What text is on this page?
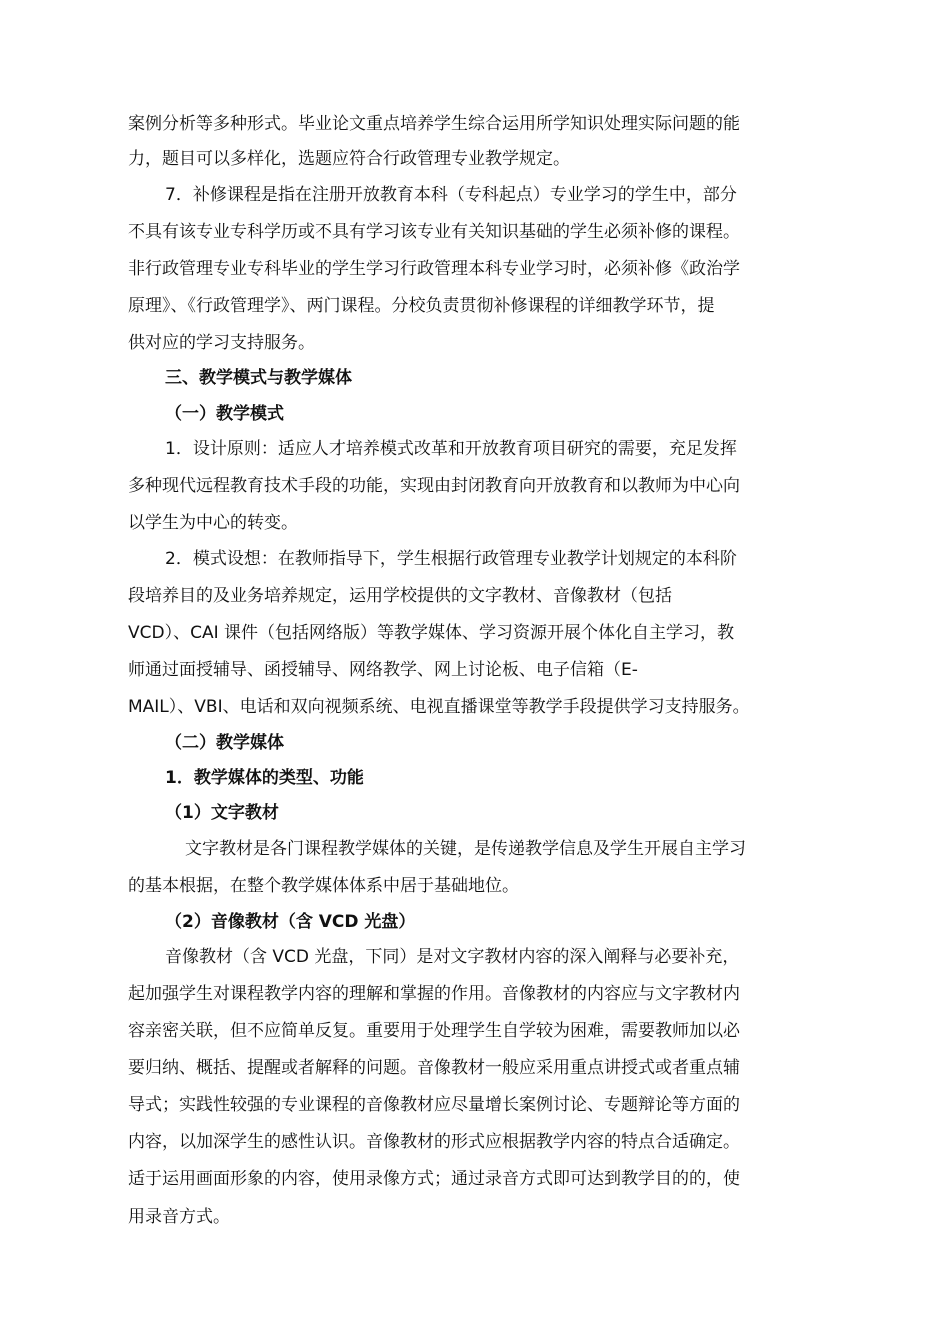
案例分析等多种形式。毕业论文重点培养学生综合运用所学知识处理实际问题的能
力，题目可以多样化，选题应符合行政管理专业教学规定。
7．补修课程是指在注册开放教育本科（专科起点）专业学习的学生中，部分
不具有该专业专科学历或不具有学习该专业有关知识基础的学生必须补修的课程。
非行政管理专业专科毕业的学生学习行政管理本科专业学习时，必须补修《政治学
原理》、《行政管理学》、两门课程。分校负责贯彻补修课程的详细教学环节，提
供对应的学习支持服务。
三、教学模式与教学媒体
（一）教学模式
1．设计原则：适应人才培养模式改革和开放教育项目研究的需要，充足发挥
多种现代远程教育技术手段的功能，实现由封闭教育向开放教育和以教师为中心向
以学生为中心的转变。
2．模式设想：在教师指导下，学生根据行政管理专业教学计划规定的本科阶
段培养目的及业务培养规定，运用学校提供的文字教材、音像教材（包括
VCD）、CAI 课件（包括网络版）等教学媒体、学习资源开展个体化自主学习，教
师通过面授辅导、函授辅导、网络教学、网上讨论板、电子信箱（E-
MAIL）、VBI、电话和双向视频系统、电视直播课堂等教学手段提供学习支持服务。
（二）教学媒体
1．教学媒体的类型、功能
（1）文字教材
文字教材是各门课程教学媒体的关键，是传递教学信息及学生开展自主学习
的基本根据，在整个教学媒体体系中居于基础地位。
（2）音像教材（含 VCD 光盘）
音像教材（含 VCD 光盘，下同）是对文字教材内容的深入阐释与必要补充，
起加强学生对课程教学内容的理解和掌握的作用。音像教材的内容应与文字教材内
容亲密关联，但不应简单反复。重要用于处理学生自学较为困难，需要教师加以必
要归纳、概括、提醒或者解释的问题。音像教材一般应采用重点讲授式或者重点辅
导式；实践性较强的专业课程的音像教材应尽量增长案例讨论、专题辩论等方面的
内容，以加深学生的感性认识。音像教材的形式应根据教学内容的特点合适确定。
适于运用画面形象的内容，使用录像方式；通过录音方式即可达到教学目的的，使
用录音方式。
